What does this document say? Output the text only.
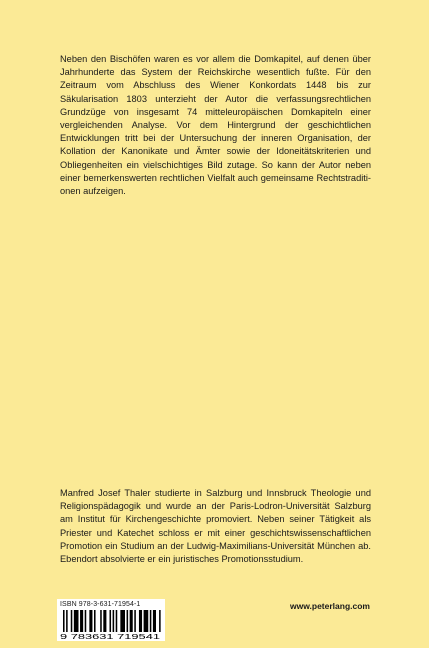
Neben den Bischöfen waren es vor allem die Domkapitel, auf denen über Jahrhunderte das System der Reichskirche wesentlich fußte. Für den Zeitraum vom Abschluss des Wiener Konkordats 1448 bis zur Säkularisation 1803 unterzieht der Autor die verfassungsrechtlichen Grundzüge von insgesamt 74 mitteleuropäischen Domkapiteln einer vergleichenden Analyse. Vor dem Hintergrund der geschichtlichen Entwicklungen tritt bei der Untersuchung der inneren Organisation, der Kollation der Kanonikate und Ämter sowie der Idoneitätskriterien und Obliegenheiten ein vielschichtiges Bild zutage. So kann der Autor neben einer bemerkenswerten rechtlichen Vielfalt auch gemeinsame Rechtstraditionen aufzeigen.

Manfred Josef Thaler studierte in Salzburg und Innsbruck Theologie und Religionspädagogik und wurde an der Paris-Lodron-Universität Salzburg am Institut für Kirchengeschichte promoviert. Neben seiner Tätigkeit als Priester und Katechet schloss er mit einer geschichtswissenschaftlichen Promotion ein Studium an der Ludwig-Maximilians-Universität München ab. Ebendort absolvierte er ein juristisches Promotionsstudium.

9 783631 719541
ISBN 978-3-631-71954-1	www.peterlang.com
